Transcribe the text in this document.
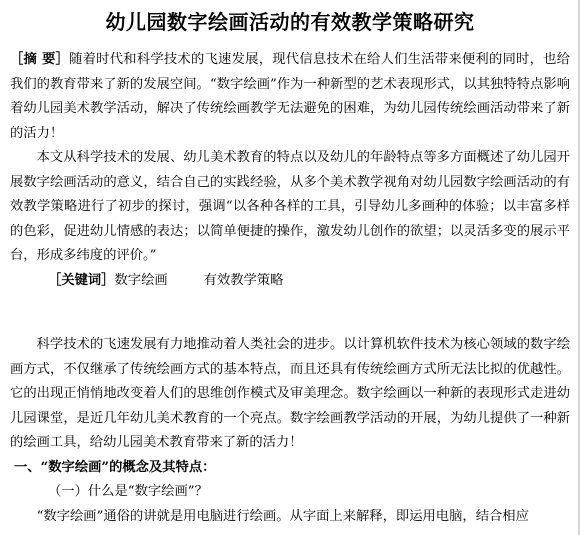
幼儿园数字绘画活动的有效教学策略研究

［摘 要］随着时代和科学技术的飞速发展，现代信息技术在给人们生活带来便利的同时，也给我们的教育带来了新的发展空间。“数字绘画”作为一种新型的艺术表现形式，以其独特特点影响着幼儿园美术教学活动，解决了传统绘画教学无法避免的困难，为幼儿园传统绘画活动带来了新的活力！

本文从科学技术的发展、幼儿美术教育的特点以及幼儿的年龄特点等多方面概述了幼儿园开展数字绘画活动的意义，结合自己的实践经验，从多个美术教学视角对幼儿园数字绘画活动的有效教学策略进行了初步的探讨，强调“以各种各样的工具，引导幼儿多画种的体验；以丰富多样的色彩，促进幼儿情感的表达；以简单便捷的操作，激发幼儿创作的欲望；以灵活多变的展示平台，形成多纬度的评价。”

［关键词］数字绘画	有效教学策略

科学技术的飞速发展有力地推动着人类社会的进步。以计算机软件技术为核心领域的数字绘画方式，不仅继承了传统绘画方式的基本特点，而且还具有传统绘画方式所无法比拟的优越性。它的出现正悄悄地改变着人们的思维创作模式及审美理念。数字绘画以一种新的表现形式走进幼儿园课堂，是近几年幼儿美术教育的一个亮点。数字绘画教学活动的开展，为幼儿提供了一种新的绘画工具，给幼儿园美术教育带来了新的活力！

一、“数字绘画”的概念及其特点：

（一）什么是“数字绘画”？

“数字绘画”通俗的讲就是用电脑进行绘画。从字面上来解释，即运用电脑，结合相应
